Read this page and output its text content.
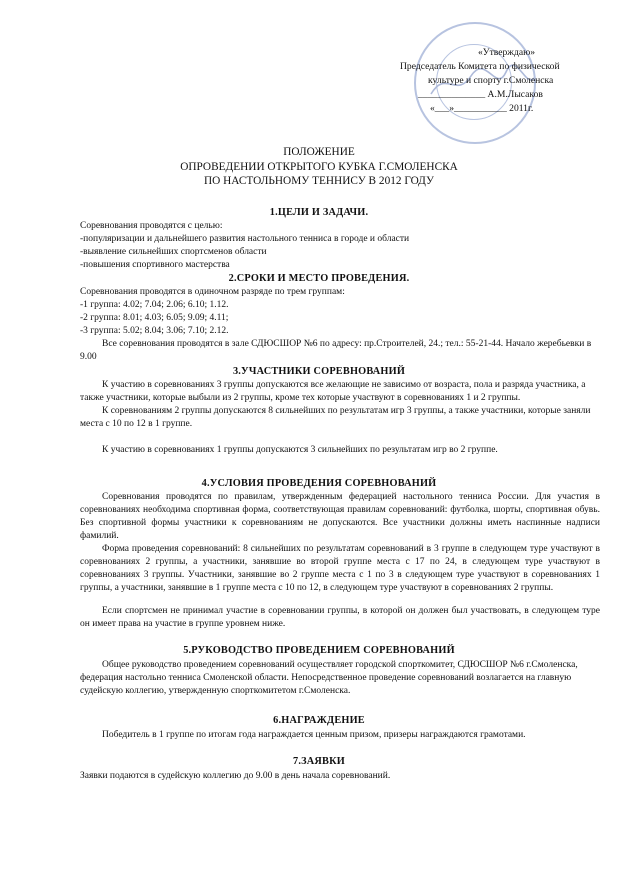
«Утверждаю»
Председатель Комитета по физической
культуре и спорту г.Смоленска
______________ А.М.Лысаков
«___»___________ 2011г.
ПОЛОЖЕНИЕ
ОПРОВЕДЕНИИ ОТКРЫТОГО КУБКА Г.СМОЛЕНСКА
ПО НАСТОЛЬНОМУ ТЕННИСУ В 2012 ГОДУ
1.ЦЕЛИ И ЗАДАЧИ.

Соревнования проводятся с целью:

-популяризации и дальнейшего развития настольного тенниса в городе и области

-выявление сильнейших спортсменов области

-повышения спортивного мастерства

2.СРОКИ И МЕСТО ПРОВЕДЕНИЯ.

Соревнования проводятся в одиночном разряде по трем группам:

-1 группа: 4.02; 7.04; 2.06; 6.10; 1.12.

-2 группа: 8.01; 4.03; 6.05; 9.09; 4.11;

-3 группа: 5.02; 8.04; 3.06; 7.10; 2.12.

Все соревнования проводятся в зале СДЮСШОР №6 по адресу: пр.Строителей, 24.; тел.: 55-21-44. Начало жеребьевки в 9.00

3.УЧАСТНИКИ СОРЕВНОВАНИЙ

К участию в соревнованиях 3 группы допускаются все желающие не зависимо от возраста, пола и разряда участника, а также участники, которые выбыли из 2 группы, кроме тех которые участвуют в соревнованиях 1 и 2 группы.

К соревнованиям 2 группы допускаются 8 сильнейших по результатам игр 3 группы, а также участники, которые заняли места с 10 по 12 в 1 группе.

К участию в соревнованиях 1 группы допускаются 3 сильнейших по результатам игр во 2 группе.

4.УСЛОВИЯ ПРОВЕДЕНИЯ СОРЕВНОВАНИЙ

Соревнования проводятся по правилам, утвержденным федерацией настольного тенниса России. Для участия в соревнованиях необходима спортивная форма, соответствующая правилам соревнований: футболка, шорты, спортивная обувь. Без спортивной формы участники к соревнованиям не допускаются. Все участники должны иметь наспинные надписи фамилий.

Форма проведения соревнований: 8 сильнейших по результатам соревнований в 3 группе в следующем туре участвуют в соревнованиях 2 группы, а участники, занявшие во второй группе места с 17 по 24, в следующем туре участвуют в соревнованиях 3 группы. Участники, занявшие во 2 группе места с 1 по 3 в следующем туре участвуют в соревнованиях 1 группы, а участники, занявшие в 1 группе места с 10 по 12, в следующем туре участвуют в соревнованиях 2 группы.

Если спортсмен не принимал участие в соревновании группы, в которой он должен был участвовать, в следующем туре он имеет права на участие в группе уровнем ниже.

5.РУКОВОДСТВО ПРОВЕДЕНИЕМ СОРЕВНОВАНИЙ

Общее руководство проведением соревнований осуществляет городской спорткомитет, СДЮСШОР №6 г.Смоленска, федерация настольно тенниса Смоленской области. Непосредственное проведение соревнований возлагается на главную судейскую коллегию, утвержденную спорткомитетом г.Смоленска.

6.НАГРАЖДЕНИЕ

Победитель в 1 группе по итогам года награждается ценным призом, призеры награждаются грамотами.

7.ЗАЯВКИ

Заявки подаются в судейскую коллегию до 9.00 в день начала соревнований.
